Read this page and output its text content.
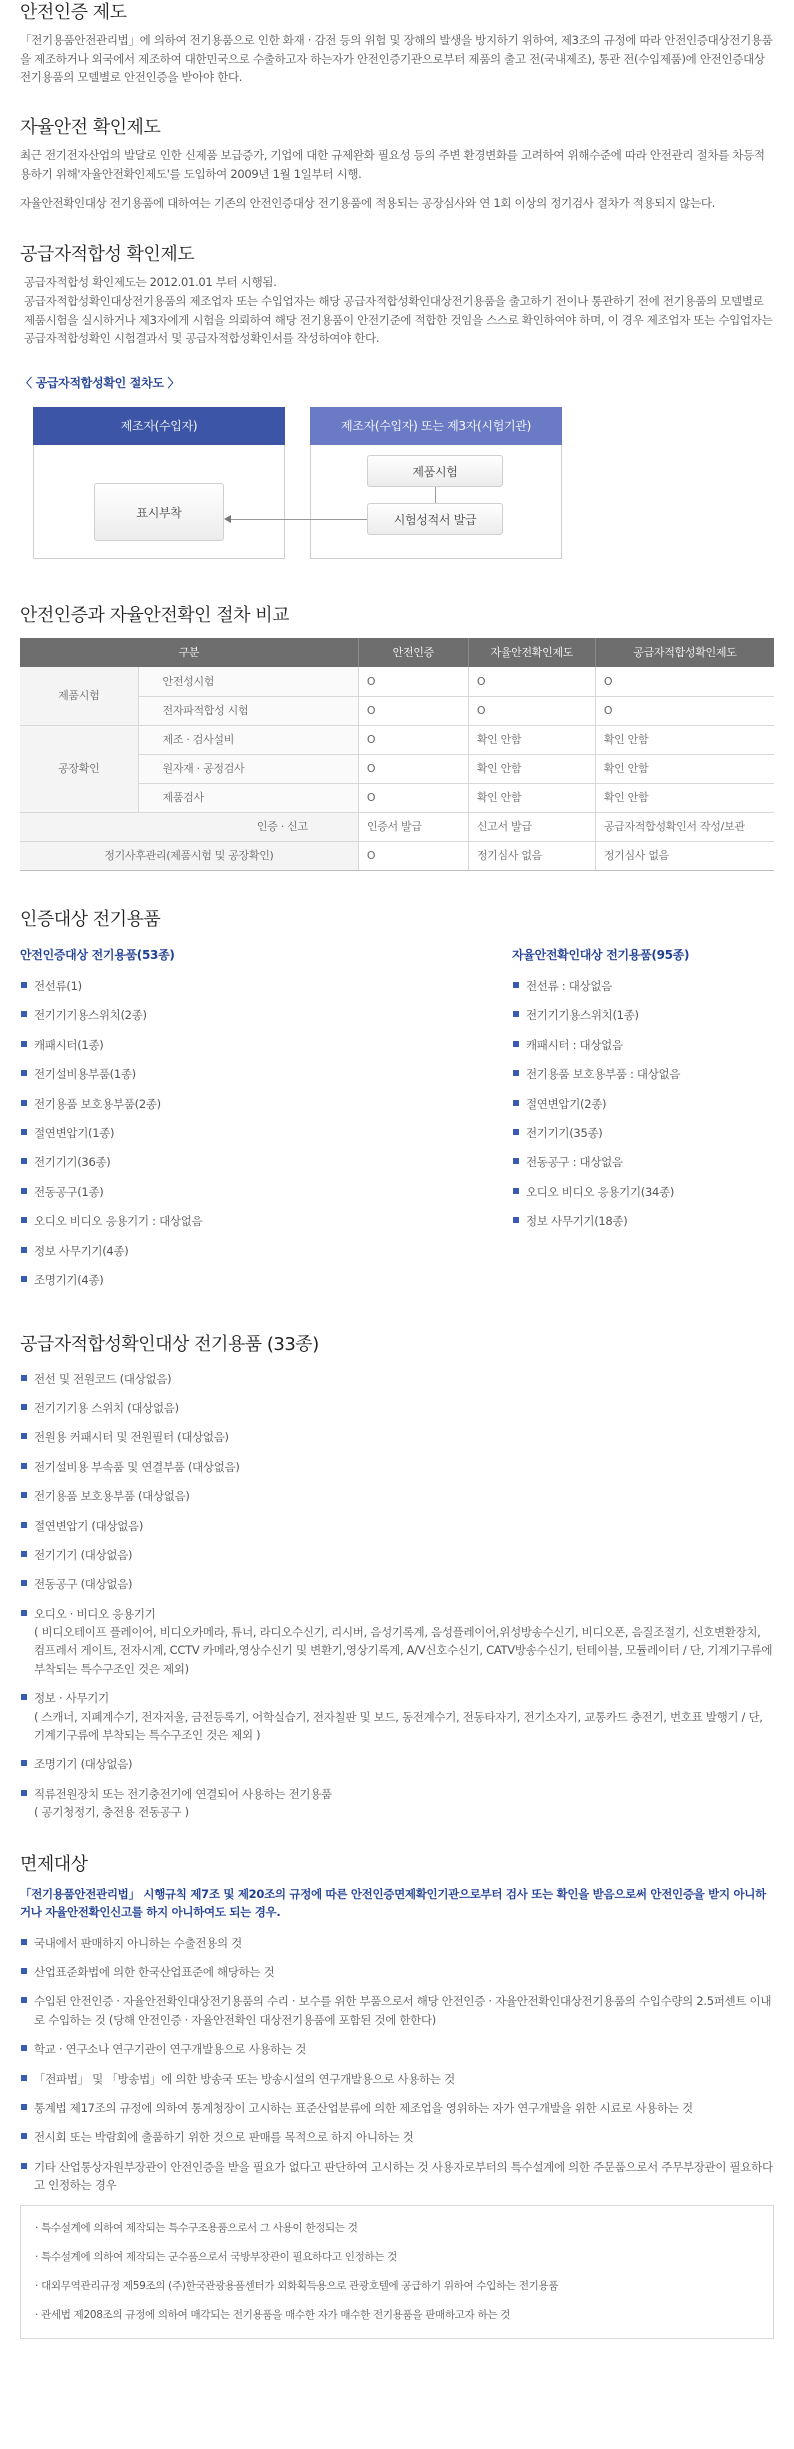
안전인증 제도

「전기용품안전관리법」에 의하여 전기용품으로 인한 화재 · 감전 등의 위험 및 장해의 발생을 방지하기 위하여, 제3조의 규정에 따라 안전인증대상전기용품을 제조하거나 외국에서 제조하여 대한민국으로 수출하고자 하는자가 안전인증기관으로부터 제품의 출고 전(국내제조), 통관 전(수입제품)에 안전인증대상전기용품의 모델별로 안전인증을 받아야 한다.

자율안전 확인제도

최근 전기전자산업의 발달로 인한 신제품 보급증가, 기업에 대한 규제완화 필요성 등의 주변 환경변화를 고려하여 위해수준에 따라 안전관리 절차를 차등적용하기 위해'자율안전확인제도'를 도입하여 2009년 1월 1일부터 시행.

자율안전확인대상 전기용품에 대하여는 기존의 안전인증대상 전기용품에 적용되는 공장심사와 연 1회 이상의 정기검사 절차가 적용되지 않는다.

공급자적합성 확인제도

공급자적합성 확인제도는 2012.01.01 부터 시행됨.

공급자적합성확인대상전기용품의 제조업자 또는 수입업자는 해당 공급자적합성확인대상전기용품을 출고하기 전이나 통관하기 전에 전기용품의 모델별로 제품시험을 실시하거나 제3자에게 시험을 의뢰하여 해당 전기용품이 안전기준에 적합한 것임을 스스로 확인하여야 하며, 이 경우 제조업자 또는 수입업자는 공급자적합성확인 시험결과서 및 공급자적합성확인서를 작성하여야 한다.

〈 공급자적합성확인 절차도 〉
제조자(수입자)
표시부착
제조자(수입자) 또는 제3자(시험기관)
제품시험
시험성적서 발급
안전인증과 자율안전확인 절차 비교
구분		안전인증	자율안전확인제도	공급자적합성확인제도
제품시험	안전성시험	O	O	O
	전자파적합성 시험	O	O	O
공장확인	제조 · 검사설비	O	확인 안함	확인 안함
	원자재 · 공정검사	O	확인 안함	확인 안함
	제품검사	O	확인 안함	확인 안함
인증 · 신고		인증서 발급	신고서 발급	공급자적합성확인서 작성/보관
정기사후관리(제품시험 및 공장확인)		O	정기심사 없음	정기심사 없음
인증대상 전기용품
안전인증대상 전기용품(53종)
전선류(1)
전기기기용스위치(2종)
캐패시터(1종)
전기설비용부품(1종)
전기용품 보호용부품(2종)
절연변압기(1종)
전기기기(36종)
전동공구(1종)
오디오 비디오 응용기기 : 대상없음
정보 사무기기(4종)
조명기기(4종)
자율안전확인대상 전기용품(95종)
전선류 : 대상없음
전기기기용스위치(1종)
캐패시터 : 대상없음
전기용품 보호용부품 : 대상없음
절연변압기(2종)
전기기기(35종)
전동공구 : 대상없음
오디오 비디오 응용기기(34종)
정보 사무기기(18종)
공급자적합성확인대상 전기용품 (33종)
전선 및 전원코드 (대상없음)
전기기기용 스위치 (대상없음)
전원용 커패시터 및 전원필터 (대상없음)
전기설비용 부속품 및 연결부품 (대상없음)
전기용품 보호용부품 (대상없음)
절연변압기 (대상없음)
전기기기 (대상없음)
전동공구 (대상없음)
오디오 · 비디오 응용기기
( 비디오테이프 플레이어, 비디오카메라, 튜너, 라디오수신기, 리시버, 음성기록계, 음성플레이어,위성방송수신기, 비디오폰, 음질조절기, 신호변환장치, 컴프레서 게이트, 전자시계, CCTV 카메라,영상수신기 및 변환기,영상기록계, A/V신호수신기, CATV방송수신기, 턴테이블, 모듈레이터 / 단, 기계기구류에 부착되는 특수구조인 것은 제외)
정보 · 사무기기
( 스캐너, 지폐계수기, 전자저울, 금전등록기, 어학실습기, 전자칠판 및 보드, 동전계수기, 전동타자기, 전기소자기, 교통카드 충전기, 번호표 발행기 / 단, 기계기구류에 부착되는 특수구조인 것은 제외 )
조명기기 (대상없음)
직류전원장치 또는 전기충전기에 연결되어 사용하는 전기용품
( 공기청정기, 충전용 전동공구 )
면제대상

「전기용품안전관리법」 시행규칙 제7조 및 제20조의 규정에 따른 안전인증면제확인기관으로부터 검사 또는 확인을 받음으로써 안전인증을 받지 아니하거나 자율안전확인신고를 하지 아니하여도 되는 경우.

국내에서 판매하지 아니하는 수출전용의 것
산업표준화법에 의한 한국산업표준에 해당하는 것
수입된 안전인증 · 자율안전확인대상전기용품의 수리 · 보수를 위한 부품으로서 해당 안전인증 · 자율안전확인대상전기용품의 수입수량의 2.5퍼센트 이내로 수입하는 것 (당해 안전인증 · 자율안전확인 대상전기용품에 포함된 것에 한한다)
학교 · 연구소나 연구기관이 연구개발용으로 사용하는 것
「전파법」 및 「방송법」에 의한 방송국 또는 방송시설의 연구개발용으로 사용하는 것
통계법 제17조의 규정에 의하여 통계청장이 고시하는 표준산업분류에 의한 제조업을 영위하는 자가 연구개발을 위한 시료로 사용하는 것
전시회 또는 박람회에 출품하기 위한 것으로 판매를 목적으로 하지 아니하는 것
기타 산업통상자원부장관이 안전인증을 받을 필요가 없다고 판단하여 고시하는 것 사용자로부터의 특수설계에 의한 주문품으로서 주무부장관이 필요하다고 인정하는 경우
· 특수설계에 의하여 제작되는 특수구조용품으로서 그 사용이 한정되는 것
· 특수설계에 의하여 제작되는 군수품으로서 국방부장관이 필요하다고 인정하는 것
· 대외무역관리규정 제59조의 (주)한국관광용품센터가 외화획득용으로 관광호텔에 공급하기 위하여 수입하는 전기용품
· 관세법 제208조의 규정에 의하여 매각되는 전기용품을 매수한 자가 매수한 전기용품을 판매하고자 하는 것
